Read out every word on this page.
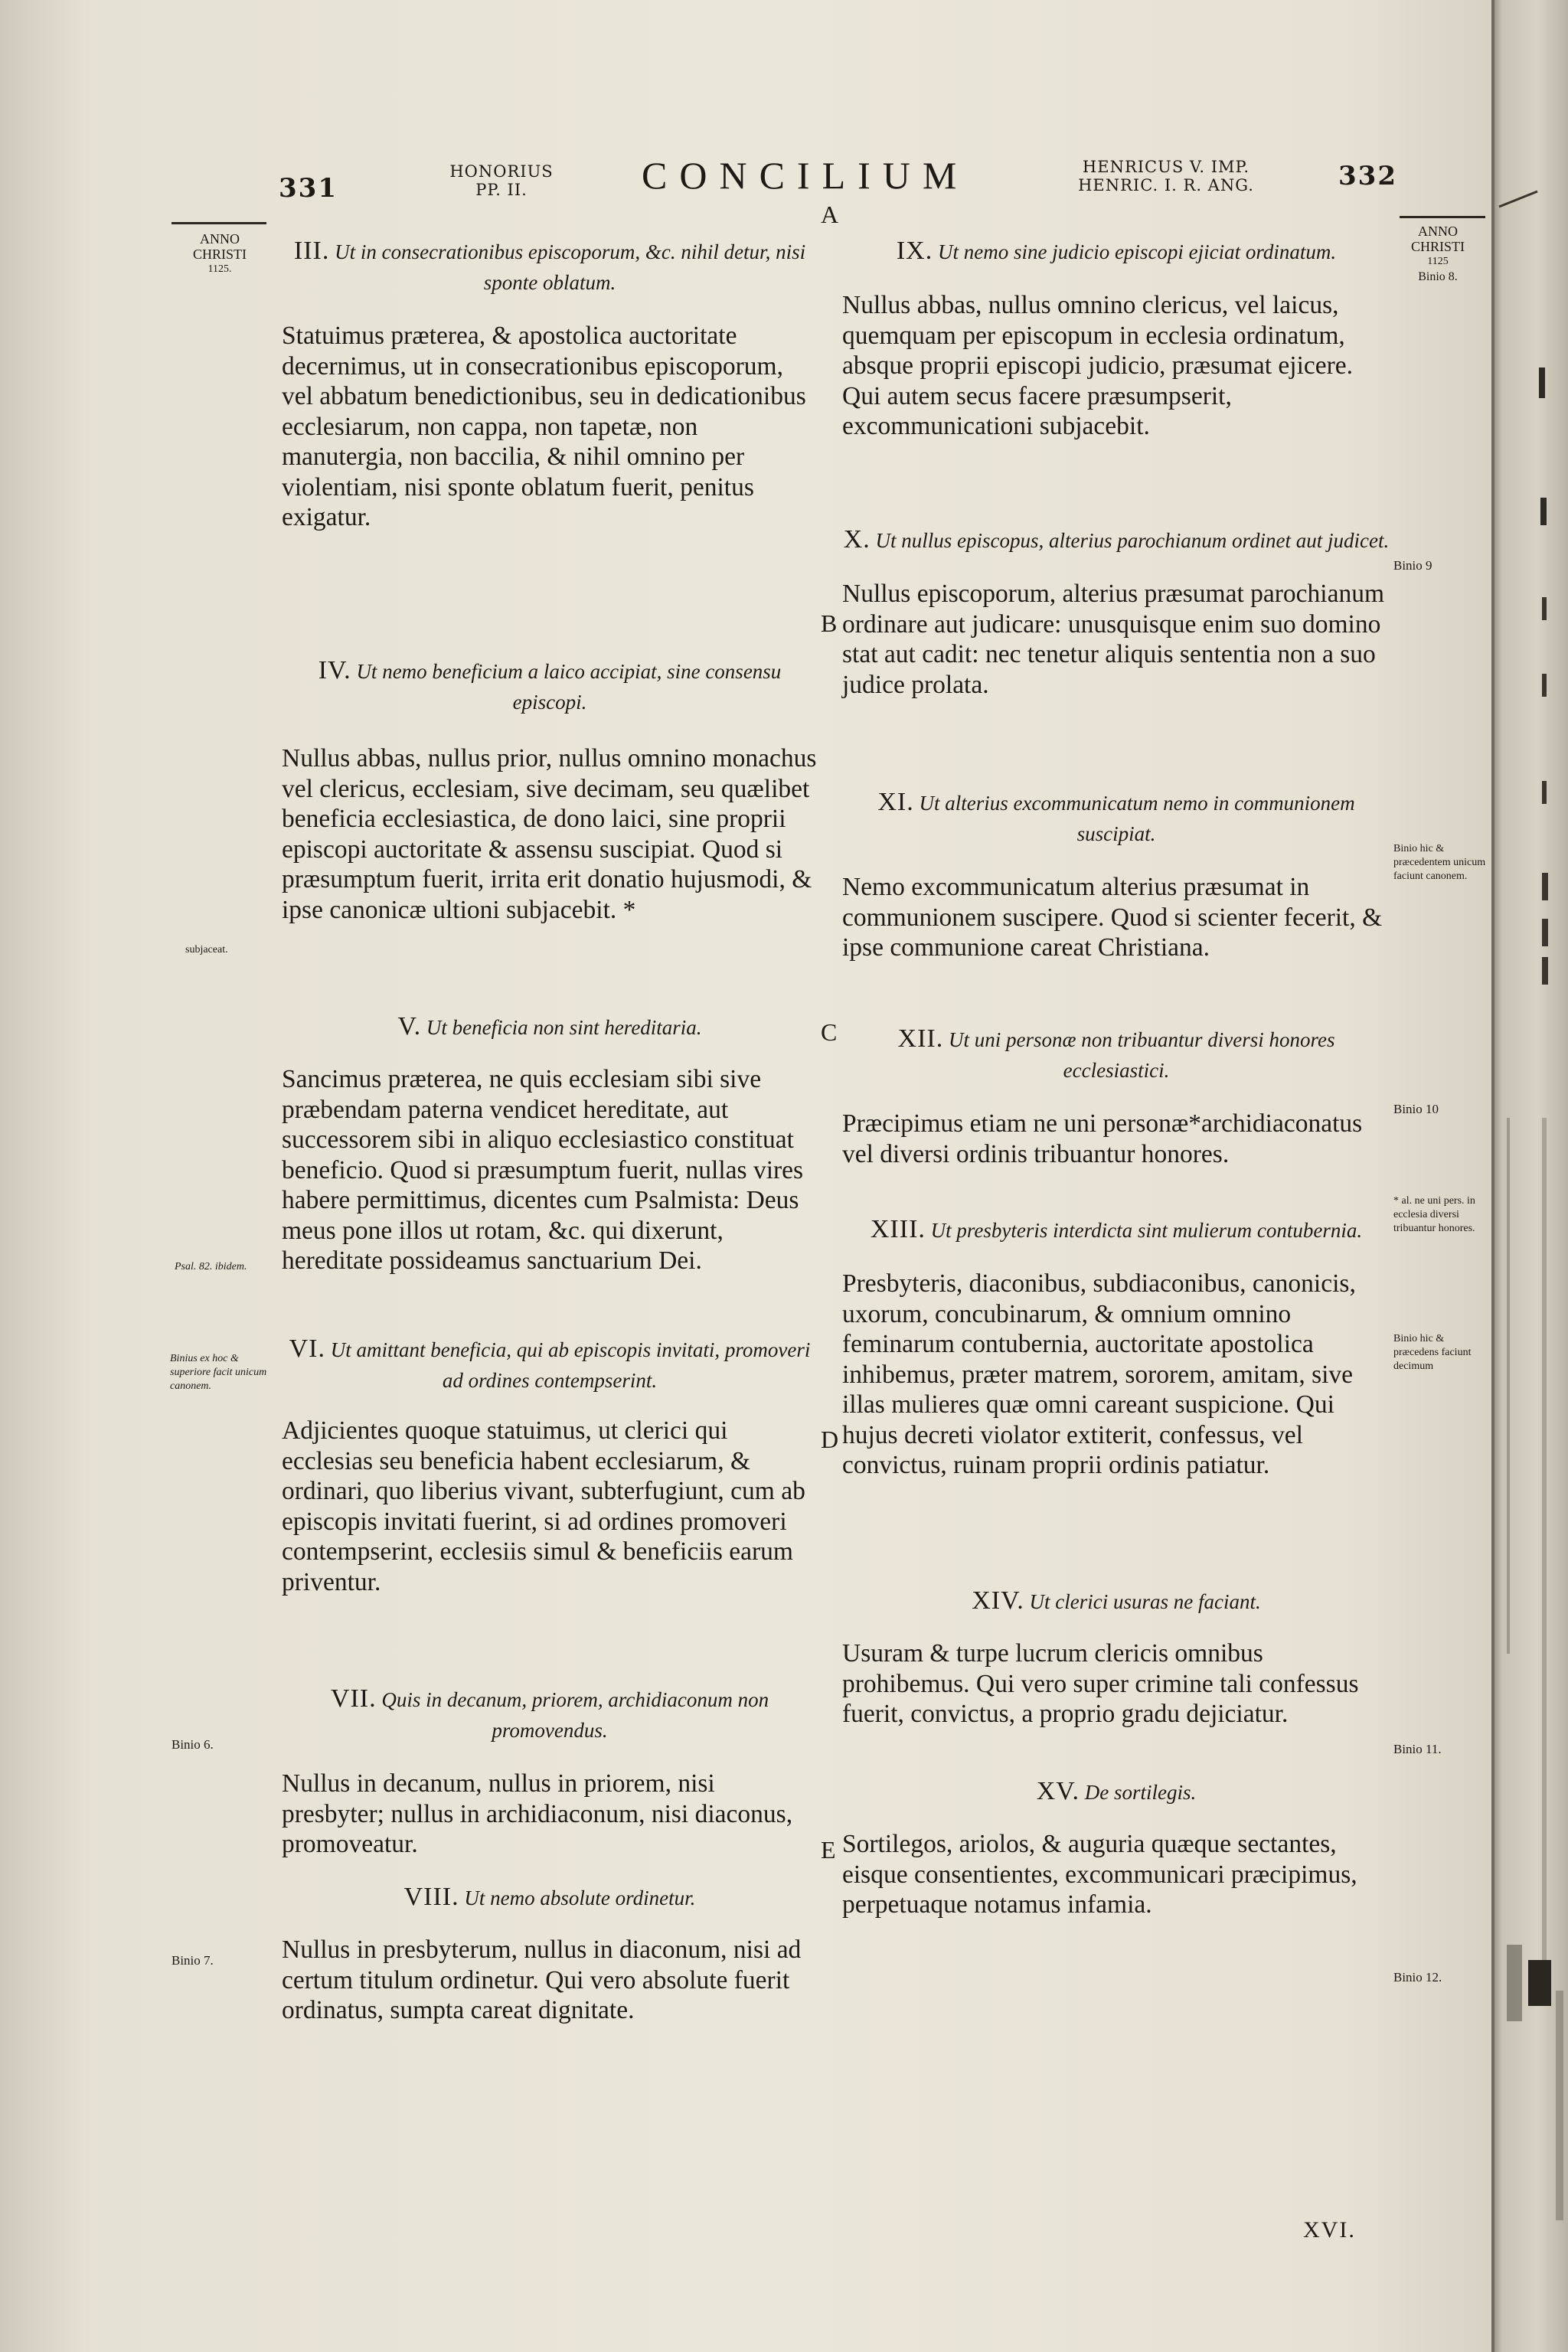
331
HONORIUS
PP. II.	CONCILIUM	HENRICUS V. IMP.
HENRIC. I. R. ANG.	332
ANNO
CHRISTI
1125.
ANNO
CHRISTI
1125
Binio 8.
A
B
C
D
E

III. Ut in consecrationibus episcoporum, &c. nihil detur, nisi sponte oblatum.

Statuimus præterea, & apostolica auctoritate decernimus, ut in consecrationibus episcoporum, vel abbatum benedictionibus, seu in dedicationibus ecclesiarum, non cappa, non tapetæ, non manutergia, non baccilia, & nihil omnino per violentiam, nisi sponte oblatum fuerit, penitus exigatur.

IV. Ut nemo beneficium a laico accipiat, sine consensu episcopi.

Nullus abbas, nullus prior, nullus omnino monachus vel clericus, ecclesiam, sive decimam, seu quælibet beneficia ecclesiastica, de dono laici, sine proprii episcopi auctoritate & assensu suscipiat. Quod si præsumptum fuerit, irrita erit donatio hujusmodi, & ipse canonicæ ultioni subjacebit. *

V. Ut beneficia non sint hereditaria.

Sancimus præterea, ne quis ecclesiam sibi sive præbendam paterna vendicet hereditate, aut successorem sibi in aliquo ecclesiastico constituat beneficio. Quod si præsumptum fuerit, nullas vires habere permittimus, dicentes cum Psalmista: Deus meus pone illos ut rotam, &c. qui dixerunt, hereditate possideamus sanctuarium Dei.

VI. Ut amittant beneficia, qui ab episcopis invitati, promoveri ad ordines contempserint.

Adjicientes quoque statuimus, ut clerici qui ecclesias seu beneficia habent ecclesiarum, & ordinari, quo liberius vivant, subterfugiunt, cum ab episcopis invitati fuerint, si ad ordines promoveri contempserint, ecclesiis simul & beneficiis earum priventur.

VII. Quis in decanum, priorem, archidiaconum non promovendus.

Nullus in decanum, nullus in priorem, nisi presbyter; nullus in archidiaconum, nisi diaconus, promoveatur.

VIII. Ut nemo absolute ordinetur.

Nullus in presbyterum, nullus in diaconum, nisi ad certum titulum ordinetur. Qui vero absolute fuerit ordinatus, sumpta careat dignitate.

IX. Ut nemo sine judicio episcopi ejiciat ordinatum.

Nullus abbas, nullus omnino clericus, vel laicus, quemquam per episcopum in ecclesia ordinatum, absque proprii episcopi judicio, præsumat ejicere. Qui autem secus facere præsumpserit, excommunicationi subjacebit.

X. Ut nullus episcopus, alterius parochianum ordinet aut judicet.

Nullus episcoporum, alterius præsumat parochianum ordinare aut judicare: unusquisque enim suo domino stat aut cadit: nec tenetur aliquis sententia non a suo judice prolata.

XI. Ut alterius excommunicatum nemo in communionem suscipiat.

Nemo excommunicatum alterius præsumat in communionem suscipere. Quod si scienter fecerit, & ipse communione careat Christiana.

XII. Ut uni personæ non tribuantur diversi honores ecclesiastici.

Præcipimus etiam ne uni personæ*archidiaconatus vel diversi ordinis tribuantur honores.

XIII. Ut presbyteris interdicta sint mulierum contubernia.

Presbyteris, diaconibus, subdiaconibus, canonicis, uxorum, concubinarum, & omnium omnino feminarum contubernia, auctoritate apostolica inhibemus, præter matrem, sororem, amitam, sive illas mulieres quæ omni careant suspicione. Qui hujus decreti violator extiterit, confessus, vel convictus, ruinam proprii ordinis patiatur.

XIV. Ut clerici usuras ne faciant.

Usuram & turpe lucrum clericis omnibus prohibemus. Qui vero super crimine tali confessus fuerit, convictus, a proprio gradu dejiciatur.

XV. De sortilegis.

Sortilegos, ariolos, & auguria quæque sectantes, eisque consentientes, excommunicari præcipimus, perpetuaque notamus infamia.

subjaceat.
Psal. 82. ibidem.
Binius ex hoc & superiore facit unicum canonem.
Binio 6.
Binio 7.
Binio 9
Binio hic & præcedentem unicum faciunt canonem.
Binio 10
* al. ne uni pers. in ecclesia diversi tribuantur honores.
Binio hic & præcedens faciunt decimum
Binio 11.
Binio 12.
XVI.
